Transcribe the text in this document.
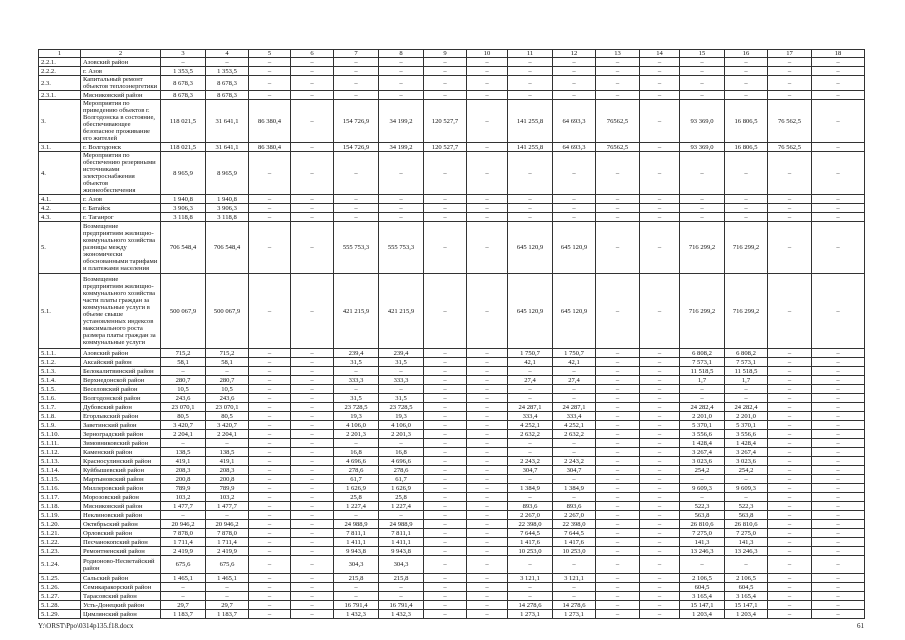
1	2	3	4	5	6	7	8	9	10	11	12	13	14	15	16	17	18
2.2.1.	Азовский район	–	–	–	–	–	–	–	–	–	–	–	–	–	–	–	–
2.2.2.	г. Азов	1 353,5	1 353,5	–	–	–	–	–	–	–	–	–	–	–	–	–	–
2.3.	Капитальный ремонт объектов теплоэнергетики	8 678,3	8 678,3	–	–	–	–	–	–	–	–	–	–	–	–	–	–
2.3.1.	Мясниковский район	8 678,3	8 678,3	–	–	–	–	–	–	–	–	–	–	–	–	–	–
3.	Мероприятия по приведению объектов г. Волгодонска в состояние, обеспечивающее безопасное проживание его жителей	118 021,5	31 641,1	86 380,4	–	154 726,9	34 199,2	120 527,7	–	141 255,8	64 693,3	76562,5	–	93 369,0	16 806,5	76 562,5	–
3.1.	г. Волгодонск	118 021,5	31 641,1	86 380,4	–	154 726,9	34 199,2	120 527,7	–	141 255,8	64 693,3	76562,5	–	93 369,0	16 806,5	76 562,5	–
4.	Мероприятия по обеспечению резервными источниками электроснабжения объектов жизнеобеспечения	8 965,9	8 965,9	–	–	–	–	–	–	–	–	–	–	–	–	–	–
4.1.	г. Азов	1 940,8	1 940,8	–	–	–	–	–	–	–	–	–	–	–	–	–	–
4.2.	г. Батайск	3 906,3	3 906,3	–	–	–	–	–	–	–	–	–	–	–	–	–	–
4.3.	г. Таганрог	3 118,8	3 118,8	–	–	–	–	–	–	–	–	–	–	–	–	–	–
5.	Возмещение предприятиям жилищно-коммунального хозяйства разницы между экономически обоснованными тарифами и платежами населения	706 548,4	706 548,4	–	–	555 753,3	555 753,3	–	–	645 120,9	645 120,9	–	–	716 299,2	716 299,2	–	–
5.1.	Возмещение предприятиям жилищно-коммунального хозяйства части платы граждан за коммунальные услуги в объеме свыше установленных индексов максимального роста размера платы граждан за коммунальные услуги	500 067,9	500 067,9	–	–	421 215,9	421 215,9	–	–	645 120,9	645 120,9	–	–	716 299,2	716 299,2	–	–
5.1.1.	Азовский район	715,2	715,2	–	–	239,4	239,4	–	–	1 750,7	1 750,7	–	–	6 808,2	6 808,2	–	–
5.1.2.	Аксайский район	58,1	58,1	–	–	31,5	31,5	–	–	42,1	42,1	–	–	7 573,1	7 573,1	–	–
5.1.3.	Белокалитвинский район	–	–	–	–	–	–	–	–	–	–	–	–	11 518,5	11 518,5	–	–
5.1.4.	Верхнедонской район	280,7	280,7	–	–	333,3	333,3	–	–	27,4	27,4	–	–	1,7	1,7	–	–
5.1.5.	Веселовский район	10,5	10,5	–	–	–	–	–	–	–	–	–	–	–	–	–	–
5.1.6.	Волгодонской район	243,6	243,6	–	–	31,5	31,5	–	–	–	–	–	–	–	–	–	–
5.1.7.	Дубовский район	23 070,1	23 070,1	–	–	23 728,5	23 728,5	–	–	24 287,1	24 287,1	–	–	24 282,4	24 282,4	–	–
5.1.8.	Егорлыкский район	80,5	80,5	–	–	19,3	19,3	–	–	333,4	333,4	–	–	2 201,0	2 201,0	–	–
5.1.9.	Заветинский район	3 420,7	3 420,7	–	–	4 106,0	4 106,0	–	–	4 252,1	4 252,1	–	–	5 370,1	5 370,1	–	–
5.1.10.	Зерноградский район	2 204,1	2 204,1	–	–	2 201,3	2 201,3	–	–	2 632,2	2 632,2	–	–	3 556,6	3 556,6	–	–
5.1.11.	Зимовниковский район	–	–	–	–	–	–	–	–	–	–	–	–	1 428,4	1 428,4	–	–
5.1.12.	Каменский район	138,5	138,5	–	–	16,8	16,8	–	–	–	–	–	–	3 267,4	3 267,4	–	–
5.1.13.	Красносулинский район	419,1	419,1	–	–	4 696,6	4 696,6	–	–	2 243,2	2 243,2	–	–	3 023,6	3 023,6	–	–
5.1.14.	Куйбышевский район	208,3	208,3	–	–	278,6	278,6	–	–	304,7	304,7	–	–	254,2	254,2	–	–
5.1.15.	Мартыновский район	200,8	200,8	–	–	61,7	61,7	–	–	–	–	–	–	–	–	–	–
5.1.16.	Миллеровский район	789,9	789,9	–	–	1 626,9	1 626,9	–	–	1 384,9	1 384,9	–	–	9 609,3	9 609,3	–	–
5.1.17.	Морозовский район	103,2	103,2	–	–	25,8	25,8	–	–	–	–	–	–	–	–	–	–
5.1.18.	Мясниковский район	1 477,7	1 477,7	–	–	1 227,4	1 227,4	–	–	893,6	893,6	–	–	522,3	522,3	–	–
5.1.19.	Неклиновский район	–	–	–	–	–	–	–	–	2 267,0	2 267,0	–	–	563,8	563,8	–	–
5.1.20.	Октябрьский район	20 946,2	20 946,2	–	–	24 988,9	24 988,9	–	–	22 398,0	22 398,0	–	–	26 810,6	26 810,6	–	–
5.1.21.	Орловский район	7 878,0	7 878,0	–	–	7 811,1	7 811,1	–	–	7 644,5	7 644,5	–	–	7 275,0	7 275,0	–	–
5.1.22.	Песчанокопский район	1 711,4	1 711,4	–	–	1 411,1	1 411,1	–	–	1 417,6	1 417,6	–	–	141,3	141,3	–	–
5.1.23.	Ремонтненский район	2 419,9	2 419,9	–	–	9 943,8	9 943,8	–	–	10 253,0	10 253,0	–	–	13 246,3	13 246,3	–	–
5.1.24.	Родионово-Несветайский район	675,6	675,6	–	–	304,3	304,3	–	–	–	–	–	–	–	–	–	–
5.1.25.	Сальский район	1 465,1	1 465,1	–	–	215,8	215,8	–	–	3 121,1	3 121,1	–	–	2 106,5	2 106,5	–	–
5.1.26.	Семикаракорский район	–	–	–	–	–	–	–	–	–	–	–	–	604,5	604,5	–	–
5.1.27.	Тарасовский район	–	–	–	–	–	–	–	–	–	–	–	–	3 165,4	3 165,4	–	–
5.1.28.	Усть-Донецкий район	29,7	29,7	–	–	16 791,4	16 791,4	–	–	14 278,6	14 278,6	–	–	15 147,1	15 147,1	–	–
5.1.29.	Цимлянский район	1 183,7	1 183,7	–	–	1 432,3	1 432,3	–	–	1 273,1	1 273,1	–	–	1 203,4	1 203,4	–	–
Y:\ORST\Ppo\0314p135.f18.docx	61
